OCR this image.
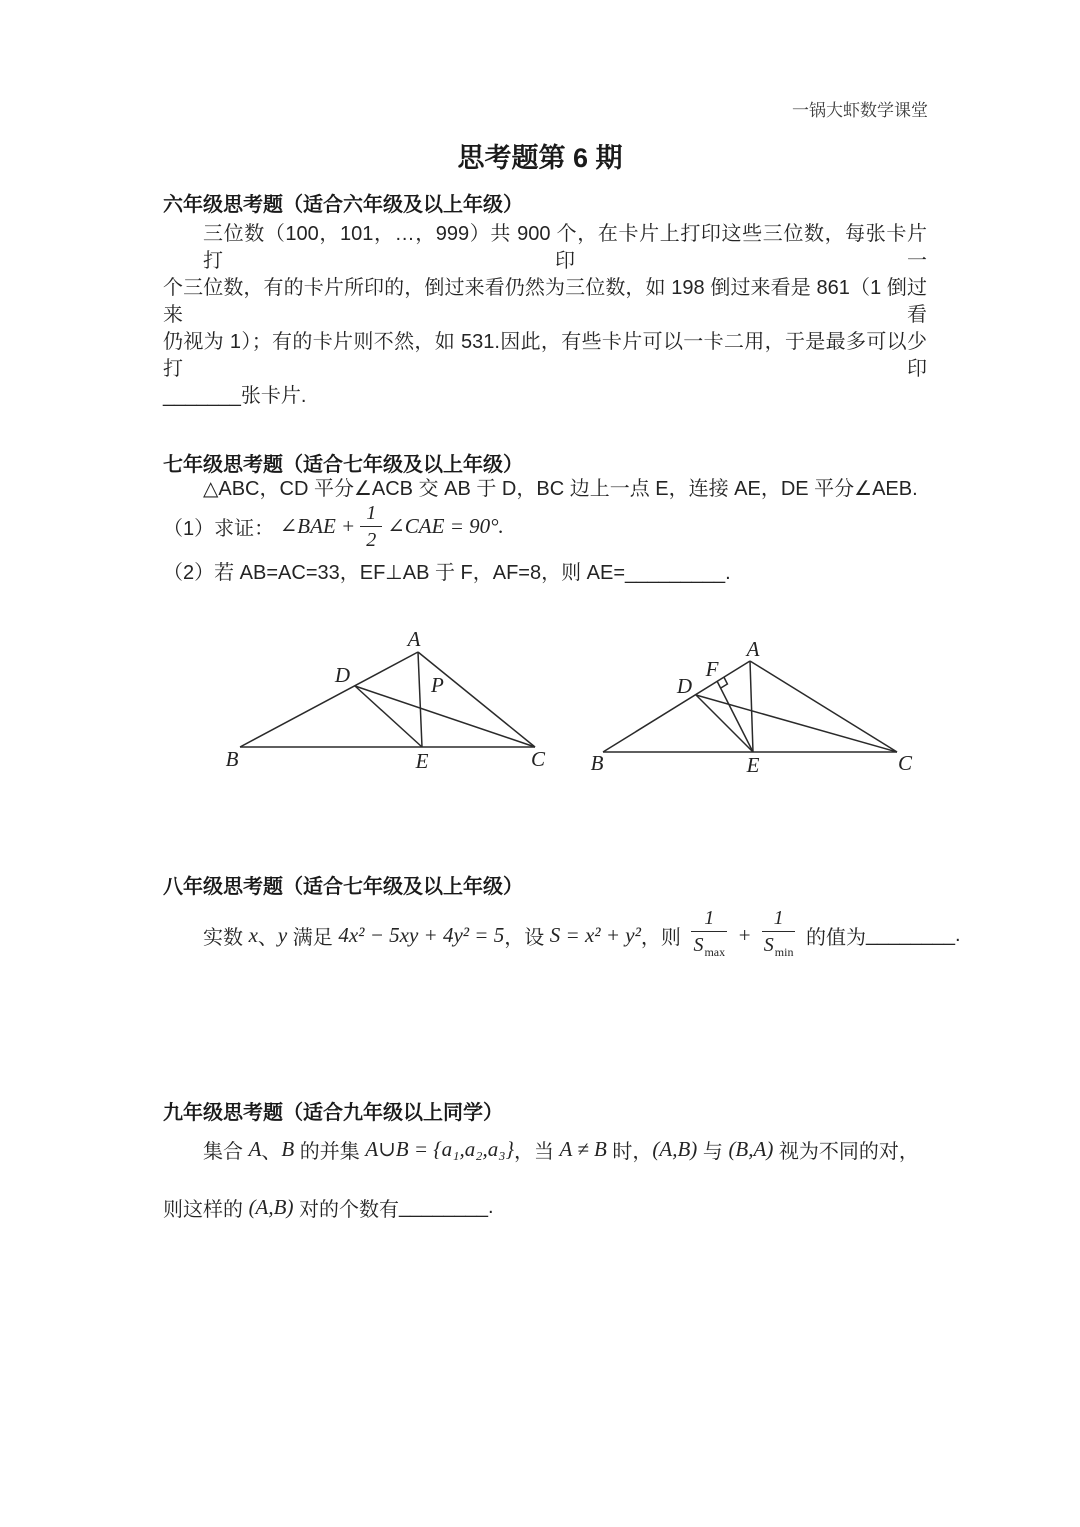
一锅大虾数学课堂
思考题第 6 期
六年级思考题（适合六年级及以上年级）
三位数（100，101，…，999）共 900 个，在卡片上打印这些三位数，每张卡片打印一
个三位数，有的卡片所印的，倒过来看仍然为三位数，如 198 倒过来看是 861（1 倒过来看
仍视为 1）；有的卡片则不然，如 531.因此，有些卡片可以一卡二用，于是最多可以少打印
_______张卡片.
七年级思考题（适合七年级及以上年级）
△ABC，CD 平分∠ACB 交 AB 于 D，BC 边上一点 E，连接 AE，DE 平分∠AEB.
（1）求证： ∠BAE + $\frac{1}{2}$ ∠CAE = 90°.
（2）若 AB=AC=33，EF⊥AB 于 F，AF=8，则 AE=_________.
A
B	C
D
E
P
A
B	C
D
E
F
八年级思考题（适合七年级及以上年级）
实数 x 、 y 满足 4x² − 5xy + 4y² = 5 ，设 S = x² + y² ，则 $\frac{1}{S_{max}} + \frac{1}{S_{min}}$ 的值为 ________ .
九年级思考题（适合九年级以上同学）
集合 A 、 B 的并集 A∪B = {a₁,a₂,a₃} ，当 A ≠ B 时， (A,B) 与 (B,A) 视为不同的对，
则这样的 (A,B) 对的个数有 ________ .
